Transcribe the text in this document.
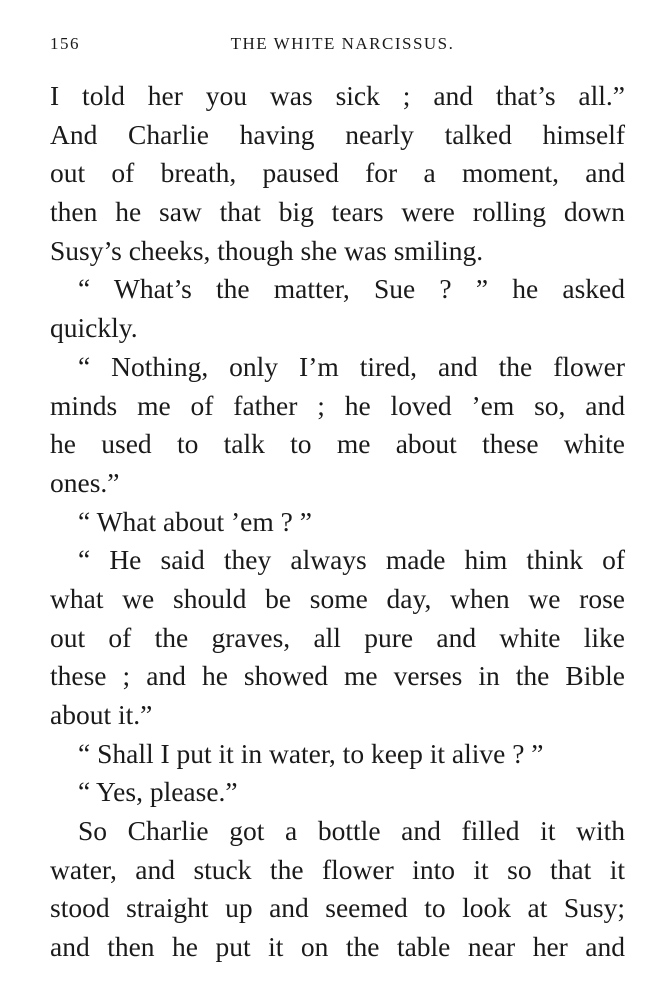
156	THE WHITE NARCISSUS.
I told her you was sick ; and that’s all.”
And Charlie having nearly talked himself
out of breath, paused for a moment, and
then he saw that big tears were rolling down
Susy’s cheeks, though she was smiling.
“ What’s the matter, Sue ? ” he asked
quickly.
“ Nothing, only I’m tired, and the flower
minds me of father ; he loved ’em so, and
he used to talk to me about these white
ones.”
“ What about ’em ? ”
“ He said they always made him think of
what we should be some day, when we rose
out of the graves, all pure and white like
these ; and he showed me verses in the Bible
about it.”
“ Shall I put it in water, to keep it alive ? ”
“ Yes, please.”
So Charlie got a bottle and filled it with
water, and stuck the flower into it so that it
stood straight up and seemed to look at Susy;
and then he put it on the table near her and
